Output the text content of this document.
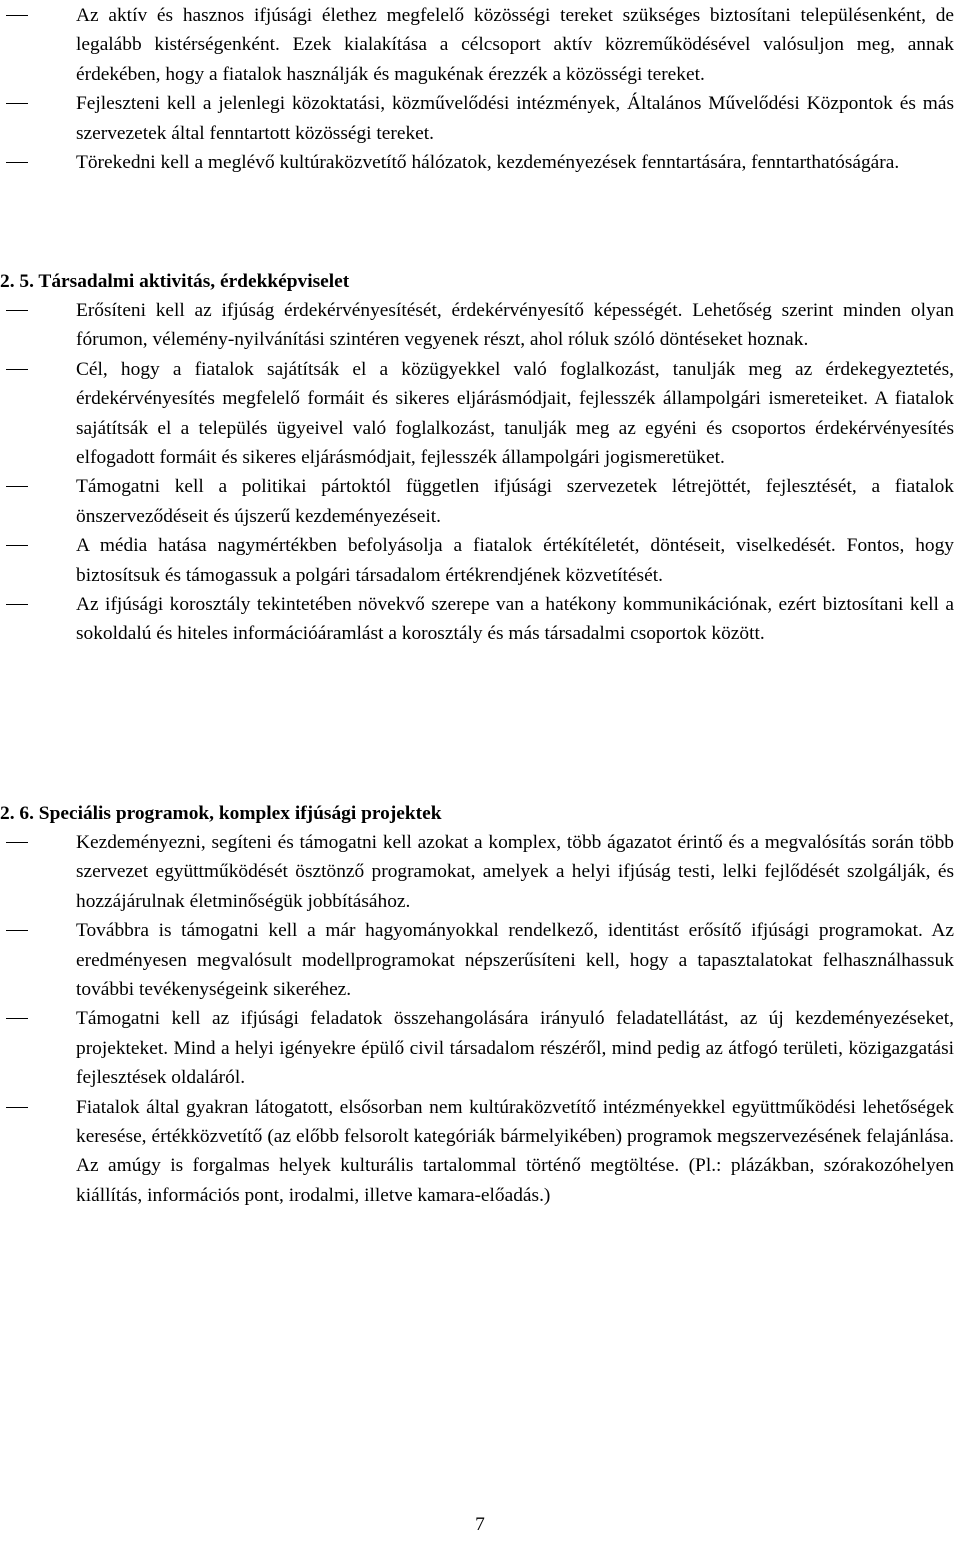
Az aktív és hasznos ifjúsági élethez megfelelő közösségi tereket szükséges biztosítani településenként, de legalább kistérségenként. Ezek kialakítása a célcsoport aktív közreműködésével valósuljon meg, annak érdekében, hogy a fiatalok használják és magukénak érezzék a közösségi tereket.
Fejleszteni kell a jelenlegi közoktatási, közművelődési intézmények, Általános Művelődési Központok és más szervezetek által fenntartott közösségi tereket.
Törekedni kell a meglévő kultúraközvetítő hálózatok, kezdeményezések fenntartására, fenntarthatóságára.
2. 5. Társadalmi aktivitás, érdekképviselet
Erősíteni kell az ifjúság érdekérvényesítését, érdekérvényesítő képességét. Lehetőség szerint minden olyan fórumon, vélemény-nyilvánítási szintéren vegyenek részt, ahol róluk szóló döntéseket hoznak.
Cél, hogy a fiatalok sajátítsák el a közügyekkel való foglalkozást, tanulják meg az érdekegyeztetés, érdekérvényesítés megfelelő formáit és sikeres eljárásmódjait, fejlesszék állampolgári ismereteiket. A fiatalok sajátítsák el a település ügyeivel való foglalkozást, tanulják meg az egyéni és csoportos érdekérvényesítés elfogadott formáit és sikeres eljárásmódjait, fejlesszék állampolgári jogismeretüket.
Támogatni kell a politikai pártoktól független ifjúsági szervezetek létrejöttét, fejlesztését, a fiatalok önszerveződéseit és újszerű kezdeményezéseit.
A média hatása nagymértékben befolyásolja a fiatalok értékítéletét, döntéseit, viselkedését. Fontos, hogy biztosítsuk és támogassuk a polgári társadalom értékrendjének közvetítését.
Az ifjúsági korosztály tekintetében növekvő szerepe van a hatékony kommunikációnak, ezért biztosítani kell a sokoldalú és hiteles információáramlást a korosztály és más társadalmi csoportok között.
2. 6. Speciális programok, komplex ifjúsági projektek
Kezdeményezni, segíteni és támogatni kell azokat a komplex, több ágazatot érintő és a megvalósítás során több szervezet együttműködését ösztönző programokat, amelyek a helyi ifjúság testi, lelki fejlődését szolgálják, és hozzájárulnak életminőségük jobbításához.
Továbbra is támogatni kell a már hagyományokkal rendelkező, identitást erősítő ifjúsági programokat. Az eredményesen megvalósult modellprogramokat népszerűsíteni kell, hogy a tapasztalatokat felhasználhassuk további tevékenységeink sikeréhez.
Támogatni kell az ifjúsági feladatok összehangolására irányuló feladatellátást, az új kezdeményezéseket, projekteket. Mind a helyi igényekre épülő civil társadalom részéről, mind pedig az átfogó területi, közigazgatási fejlesztések oldaláról.
Fiatalok által gyakran látogatott, elsősorban nem kultúraközvetítő intézményekkel együttműködési lehetőségek keresése, értékközvetítő (az előbb felsorolt kategóriák bármelyikében) programok megszervezésének felajánlása. Az amúgy is forgalmas helyek kulturális tartalommal történő megtöltése. (Pl.: plázákban, szórakozóhelyen kiállítás, információs pont, irodalmi, illetve kamara-előadás.)
7
